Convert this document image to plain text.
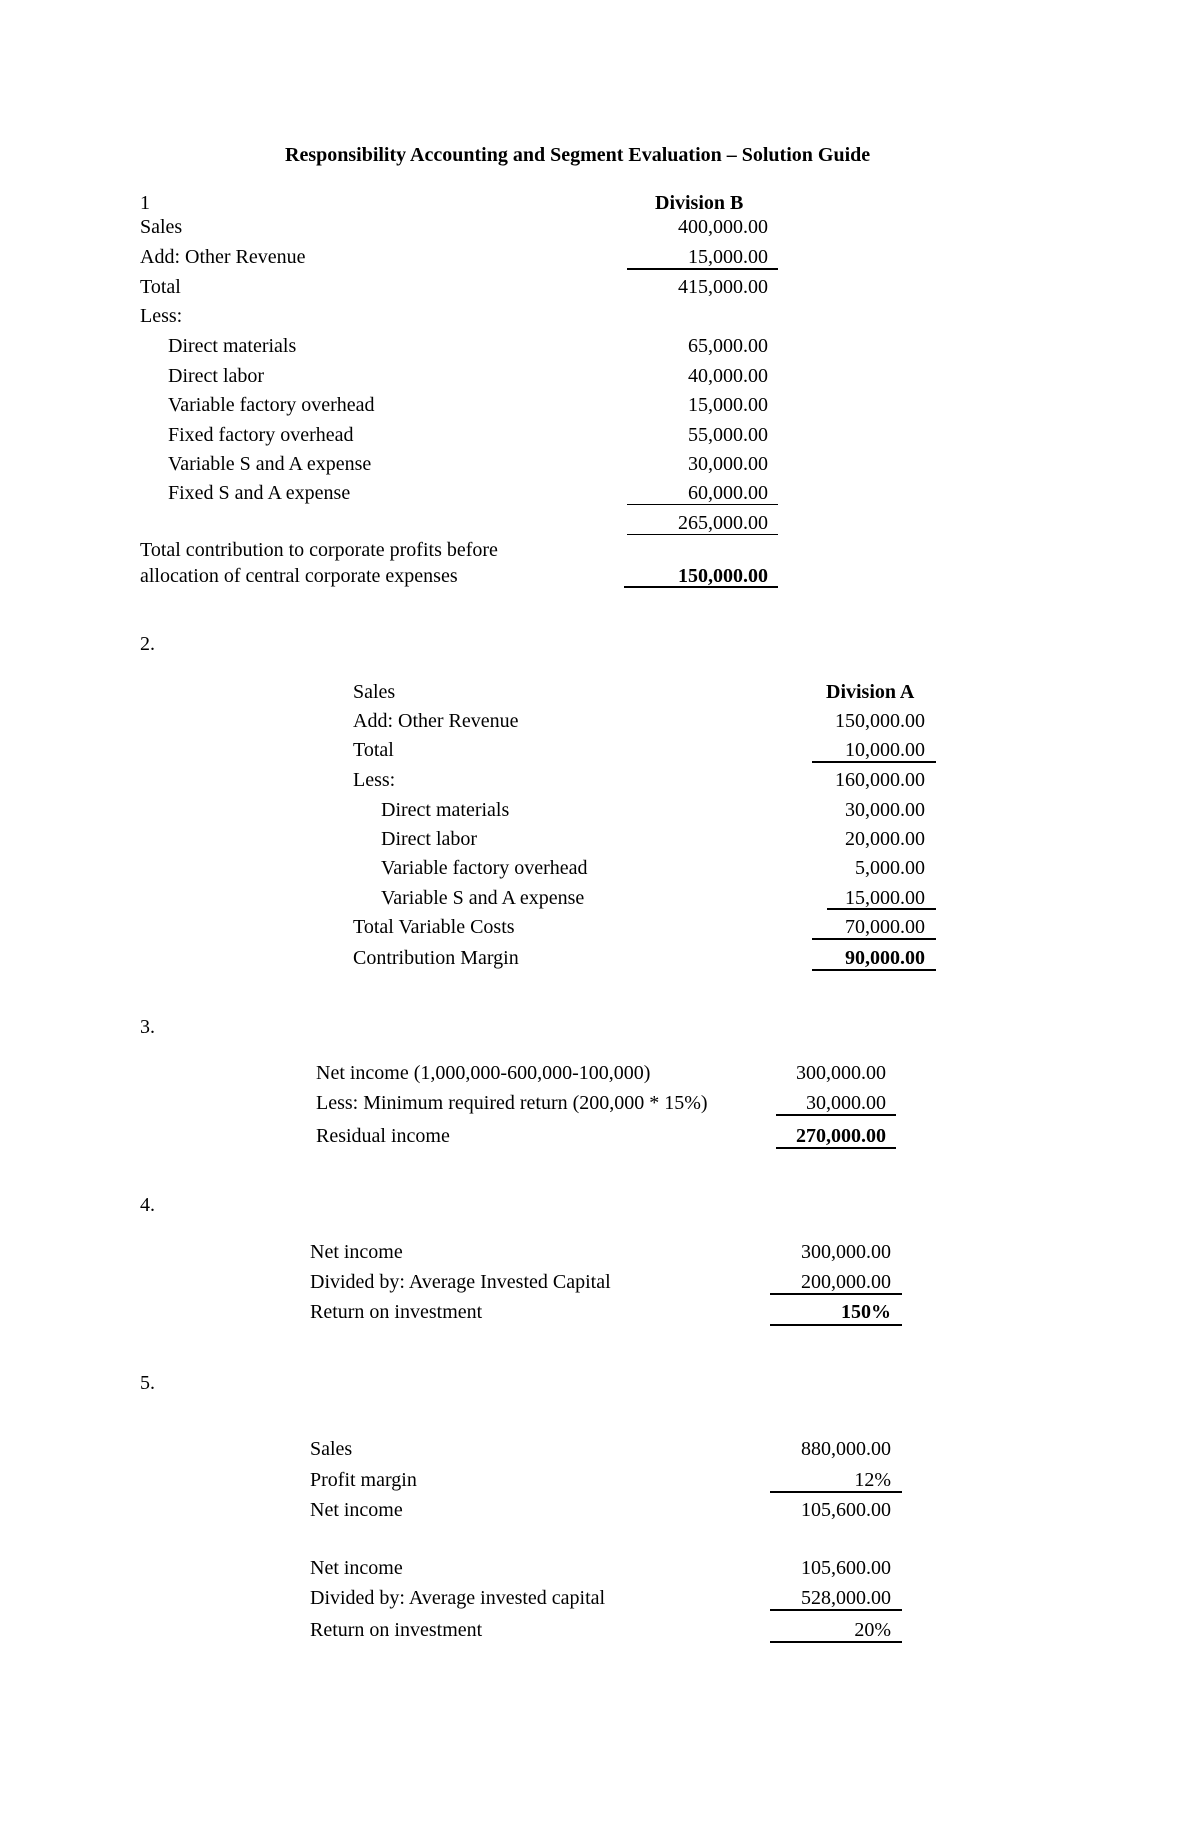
Responsibility Accounting and Segment Evaluation – Solution Guide
1	Division B
Sales	400,000.00
Add: Other Revenue	15,000.00
Total	415,000.00
Less:
Direct materials	65,000.00
Direct labor	40,000.00
Variable factory overhead	15,000.00
Fixed factory overhead	55,000.00
Variable S and A expense	30,000.00
Fixed S and A expense	60,000.00
265,000.00
Total contribution to corporate profits before
allocation of central corporate expenses	150,000.00
2.
Division A
Sales
Add: Other Revenue	150,000.00
Total	10,000.00
Less:	160,000.00
Direct materials	30,000.00
Direct labor	20,000.00
Variable factory overhead	5,000.00
Variable S and A expense	15,000.00
Total Variable Costs	70,000.00
Contribution Margin	90,000.00
3.
Net income (1,000,000-600,000-100,000)	300,000.00
Less: Minimum required return (200,000 * 15%)	30,000.00
Residual income	270,000.00
4.
Net income	300,000.00
Divided by: Average Invested Capital	200,000.00
Return on investment	150%
5.
Sales	880,000.00
Profit margin	12%
Net income	105,600.00
Net income	105,600.00
Divided by: Average invested capital	528,000.00
Return on investment	20%
